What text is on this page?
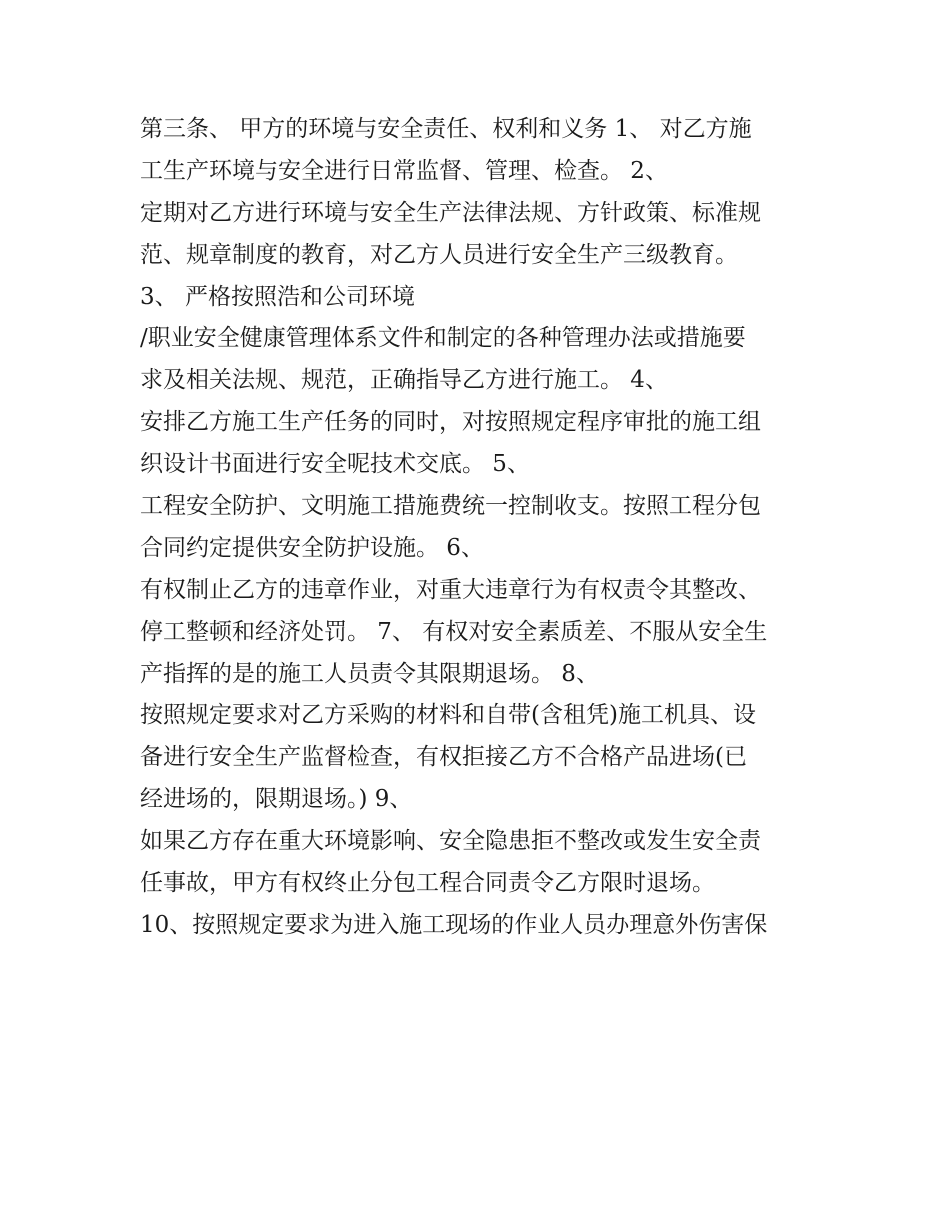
第三条、 甲方的环境与安全责任、权利和义务 1、 对乙方施
工生产环境与安全进行日常监督、管理、检查。 2、
定期对乙方进行环境与安全生产法律法规、方针政策、标准规
范、规章制度的教育，对乙方人员进行安全生产三级教育。
3、 严格按照浩和公司环境
/职业安全健康管理体系文件和制定的各种管理办法或措施要
求及相关法规、规范，正确指导乙方进行施工。 4、
安排乙方施工生产任务的同时，对按照规定程序审批的施工组
织设计书面进行安全呢技术交底。 5、
工程安全防护、文明施工措施费统一控制收支。按照工程分包
合同约定提供安全防护设施。 6、
有权制止乙方的违章作业，对重大违章行为有权责令其整改、
停工整顿和经济处罚。 7、 有权对安全素质差、不服从安全生
产指挥的是的施工人员责令其限期退场。 8、
按照规定要求对乙方采购的材料和自带(含租凭)施工机具、设
备进行安全生产监督检查，有权拒接乙方不合格产品进场(已
经进场的，限期退场。) 9、
如果乙方存在重大环境影响、安全隐患拒不整改或发生安全责
任事故，甲方有权终止分包工程合同责令乙方限时退场。
10、按照规定要求为进入施工现场的作业人员办理意外伤害保
